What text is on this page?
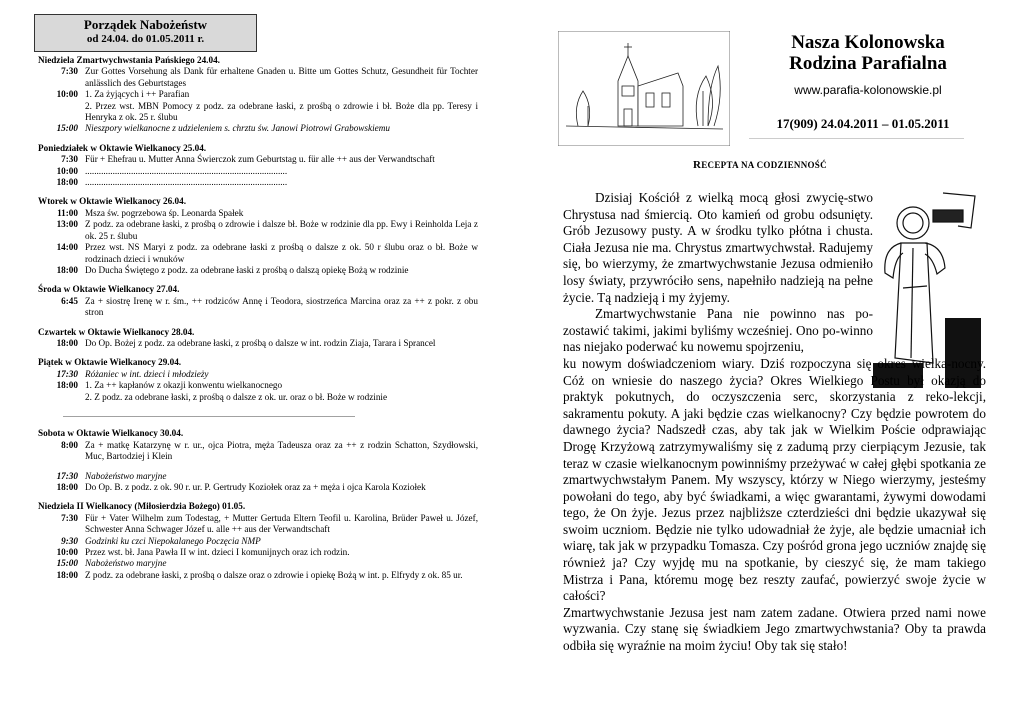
Porządek Nabożeństw
od 24.04. do 01.05.2011 r.
Niedziela Zmartwychwstania Pańskiego 24.04.
7:30 Zur Gottes Vorsehung als Dank für erhaltene Gnaden u. Bitte um Gottes Schutz, Gesundheit für Tochter anlässlich des Geburtstages
10:00 1. Za żyjących i ++ Parafian
2. Przez wst. MBN Pomocy z podz. za odebrane łaski, z prośbą o zdrowie i bł. Boże dla pp. Teresy i Henryka z ok. 25 r. ślubu
15:00 Nieszpory wielkanocne z udzieleniem s. chrztu św. Janowi Piotrowi Grabowskiemu
Poniedziałek w Oktawie Wielkanocy 25.04.
7:30 Für + Ehefrau u. Mutter Anna Świerczok zum Geburtstag u. für alle ++ aus der Verwandtschaft
10:00 ........................................................................................
18:00 ........................................................................................
Wtorek w Oktawie Wielkanocy 26.04.
11:00 Msza św. pogrzebowa śp. Leonarda Spałek
13:00 Z podz. za odebrane łaski, z prośbą o zdrowie i dalsze bł. Boże w rodzinie dla pp. Ewy i Reinholda Leja z ok. 25 r. ślubu
14:00 Przez wst. NS Maryi z podz. za odebrane łaski z prośbą o dalsze z ok. 50 r ślubu oraz o bł. Boże w rodzinach dzieci i wnuków
18:00 Do Ducha Świętego z podz. za odebrane łaski z prośbą o dalszą opiekę Bożą w rodzinie
Środa w Oktawie Wielkanocy 27.04.
6:45 Za + siostrę Irenę w r. śm., ++ rodziców Annę i Teodora, siostrzeńca Marcina oraz za ++ z pokr. z obu stron
Czwartek w Oktawie Wielkanocy 28.04.
18:00 Do Op. Bożej z podz. za odebrane łaski, z prośbą o dalsze w int. rodzin Ziaja, Tarara i Sprancel
Piątek w Oktawie Wielkanocy 29.04.
17:30 Różaniec w int. dzieci i młodzieży
18:00 1. Za ++ kapłanów z okazji konwentu wielkanocnego
2. Z podz. za odebrane łaski, z prośbą o dalsze z ok. ur. oraz o bł. Boże w rodzinie
..................................................................................................................................................
Sobota w Oktawie Wielkanocy 30.04.
8:00 Za + matkę Katarzynę w r. ur., ojca Piotra, męża Tadeusza oraz za ++ z rodzin Schatton, Szydłowski, Muc, Bartodziej i Klein
17:30 Nabożeństwo maryjne
18:00 Do Op. B. z podz. z ok. 90 r. ur. P. Gertrudy Koziołek oraz za + męża i ojca Karola Koziołek
Niedziela II Wielkanocy (Miłosierdzia Bożego) 01.05.
7:30 Für + Vater Wilhelm zum Todestag, + Mutter Gertuda Eltern Teofil u. Karolina, Brüder Paweł u. Józef, Schwester Anna Schwager Józef u. alle ++ aus der Verwandtschaft
9:30 Godzinki ku czci Niepokalanego Poczęcia NMP
10:00 Przez wst. bł. Jana Pawła II w int. dzieci I komunijnych oraz ich rodzin.
15:00 Nabożeństwo maryjne
18:00 Z podz. za odebrane łaski, z prośbą o dalsze oraz o zdrowie i opiekę Bożą w int. p. Elfrydy z ok. 85 ur.
Nasza Kolonowska
Rodzina Parafialna
www.parafia-kolonowskie.pl
17(909) 24.04.2011 – 01.05.2011
RECEPTA NA CODZIENNOŚĆ

Dzisiaj Kościół z wielką mocą głosi zwycię-stwo Chrystusa nad śmiercią. Oto kamień od grobu odsunięty. Grób Jezusowy pusty. A w środku tylko płótna i chusta. Ciała Jezusa nie ma. Chrystus zmartwychwstał. Radujemy się, bo wierzymy, że zmartwychwstanie Jezusa odmieniło losy światy, przywróciło sens, napełniło nadzieją na pełne życie. Tą nadzieją i my żyjemy.

Zmartwychwstanie Pana nie powinno nas po-zostawić takimi, jakimi byliśmy wcześniej. Ono po-winno nas niejako poderwać ku nowemu spojrzeniu,

ku nowym doświadczeniom wiary. Dziś rozpoczyna się okres wielka-nocny. Cóż on wniesie do naszego życia? Okres Wielkiego Postu był okazją do praktyk pokutnych, do oczyszczenia serc, skorzystania z reko-lekcji, sakramentu pokuty. A jaki będzie czas wielkanocny? Czy będzie powrotem do dawnego życia? Nadszedł czas, aby tak jak w Wielkim Poście odprawiając Drogę Krzyżową zatrzymywaliśmy się z zadumą przy cierpiącym Jezusie, tak teraz w czasie wielkanocnym powinniśmy przeżywać w całej głębi spotkania ze zmartwychwstałym Panem. My wszyscy, którzy w Niego wierzymy, jesteśmy powołani do tego, aby być świadkami, a więc gwarantami, żywymi dowodami tego, że On żyje. Jezus przez najbliższe czterdzieści dni będzie ukazywał się swoim uczniom. Będzie nie tylko udowadniał że żyje, ale będzie umacniał ich wiarę, tak jak w przypadku Tomasza. Czy pośród grona jego uczniów znajdę się również ja? Czy wyjdę mu na spotkanie, by cieszyć się, że mam takiego Mistrza i Pana, któremu mogę bez reszty zaufać, powierzyć swoje życie w całości?

Zmartwychwstanie Jezusa jest nam zatem zadane. Otwiera przed nami nowe wyzwania. Czy stanę się świadkiem Jego zmartwychwstania? Oby ta prawda odbiła się wyraźnie na moim życiu! Oby tak się stało!
